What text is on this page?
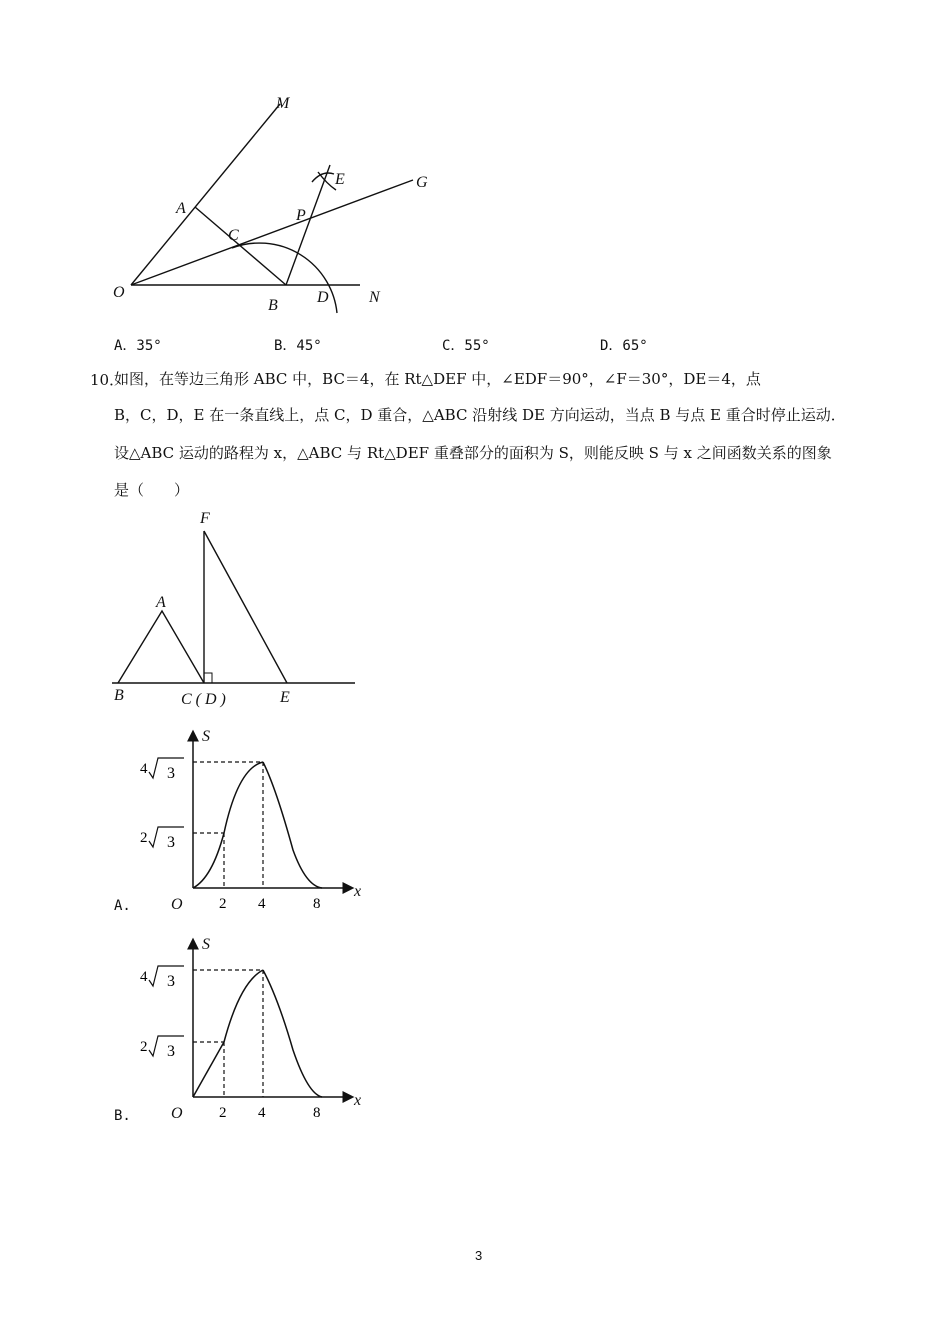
M
E	G
A	P
C
O
B D	N
A．35°	B．45°	C．55°	D．65°
10．
如图，在等边三角形 ABC 中，BC＝4，在 Rt△DEF 中，∠EDF＝90°，∠F＝30°，DE＝4，点
B，C，D，E 在一条直线上，点 C，D 重合，△ABC 沿射线 DE 方向运动，当点 B 与点 E 重合时停止运动．
设△ABC 运动的路程为 x，△ABC 与 Rt△DEF 重叠部分的面积为 S，则能反映 S 与 x 之间函数关系的图象
是（　　）
F
A
B	C ( D )	E
A.
S
x
O 2 4	8
4 3
2 3
B.
S
x
O 2 4	8
4 3
2 3
3
